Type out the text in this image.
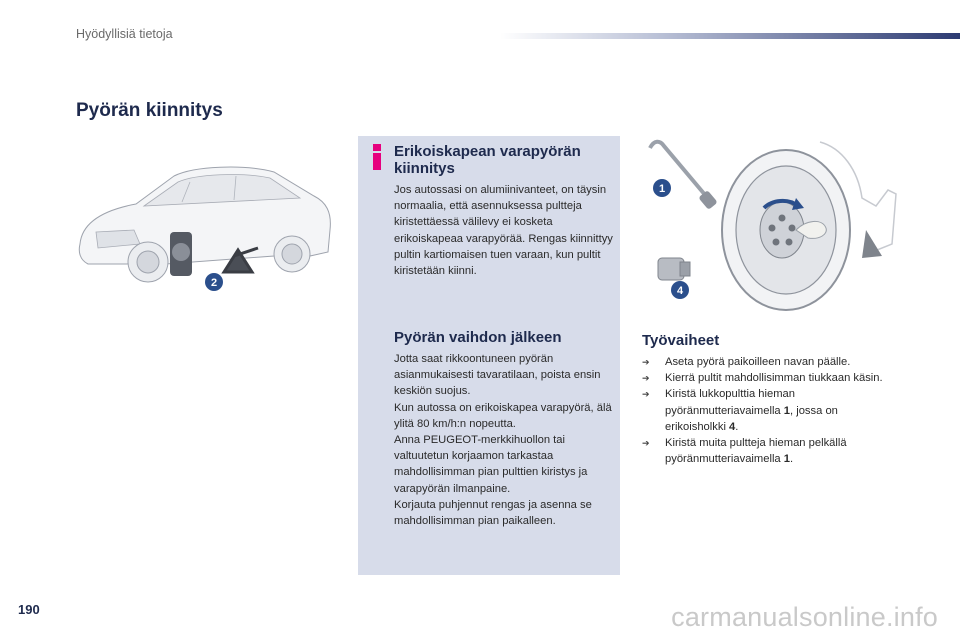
Hyödyllisiä tietoja
Pyörän kiinnitys
2
Erikoiskapean varapyörän kiinnitys

Jos autossasi on alumiinivanteet, on täysin normaalia, että asennuksessa pultteja kiristettäessä välilevy ei kosketa erikoiskapeaa varapyörää. Rengas kiinnittyy pultin kartiomaisen tuen varaan, kun pultit kiristetään kiinni.

Pyörän vaihdon jälkeen
Jotta saat rikkoontuneen pyörän asianmukaisesti tavaratilaan, poista ensin keskiön suojus.
Kun autossa on erikoiskapea varapyörä, älä ylitä 80 km/h:n nopeutta.
Anna PEUGEOT-merkkihuollon tai valtuutetun korjaamon tarkastaa mahdollisimman pian pulttien kiristys ja varapyörän ilmanpaine.
Korjauta puhjennut rengas ja asenna se mahdollisimman pian paikalleen.
1
4
Työvaiheet
➔ Aseta pyörä paikoilleen navan päälle.
➔ Kierrä pultit mahdollisimman tiukkaan käsin.
➔ Kiristä lukkopulttia hieman pyöränmutteriavaimella 1, jossa on erikoisholkki 4.
➔ Kiristä muita pultteja hieman pelkällä pyöränmutteriavaimella 1.
190	carmanualsonline.info
